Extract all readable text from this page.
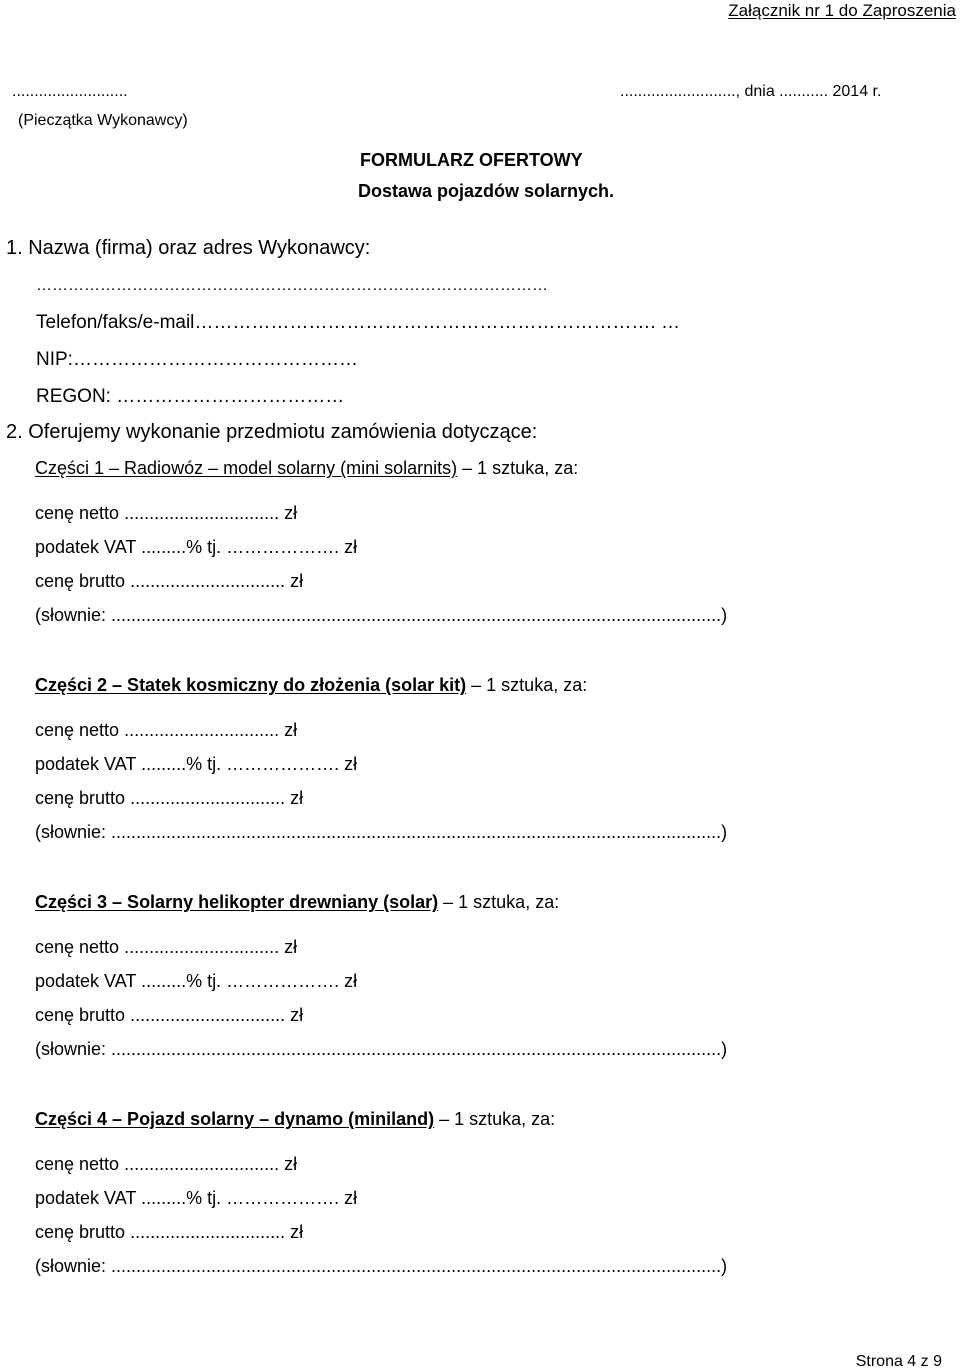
Załącznik nr 1 do Zaproszenia
..........................
(Pieczątka Wykonawcy)
.........................., dnia ........... 2014 r.
FORMULARZ OFERTOWY
Dostawa pojazdów solarnych.
1. Nazwa (firma) oraz adres Wykonawcy:
……………………………………………………………………………………
Telefon/faks/e-mail………………………………………………………………. …
NIP:………………………………………
REGON: ………………………………
2. Oferujemy wykonanie przedmiotu zamówienia dotyczące:
Części 1 – Radiowóz – model solarny (mini solarnits) – 1 sztuka, za:
cenę netto ............................... zł
podatek VAT .........% tj. ………………. zł
cenę brutto ............................... zł
(słownie: ..........................................................................................................................)
Części 2 – Statek kosmiczny do złożenia (solar kit) – 1 sztuka, za:
cenę netto ............................... zł
podatek VAT .........% tj. ………………. zł
cenę brutto ............................... zł
(słownie: ..........................................................................................................................)
Części 3 – Solarny helikopter drewniany (solar) – 1 sztuka, za:
cenę netto ............................... zł
podatek VAT .........% tj. ………………. zł
cenę brutto ............................... zł
(słownie: ..........................................................................................................................)
Części 4 – Pojazd solarny – dynamo (miniland) – 1 sztuka, za:
cenę netto ............................... zł
podatek VAT .........% tj. ………………. zł
cenę brutto ............................... zł
(słownie: ..........................................................................................................................)
Strona 4 z 9
